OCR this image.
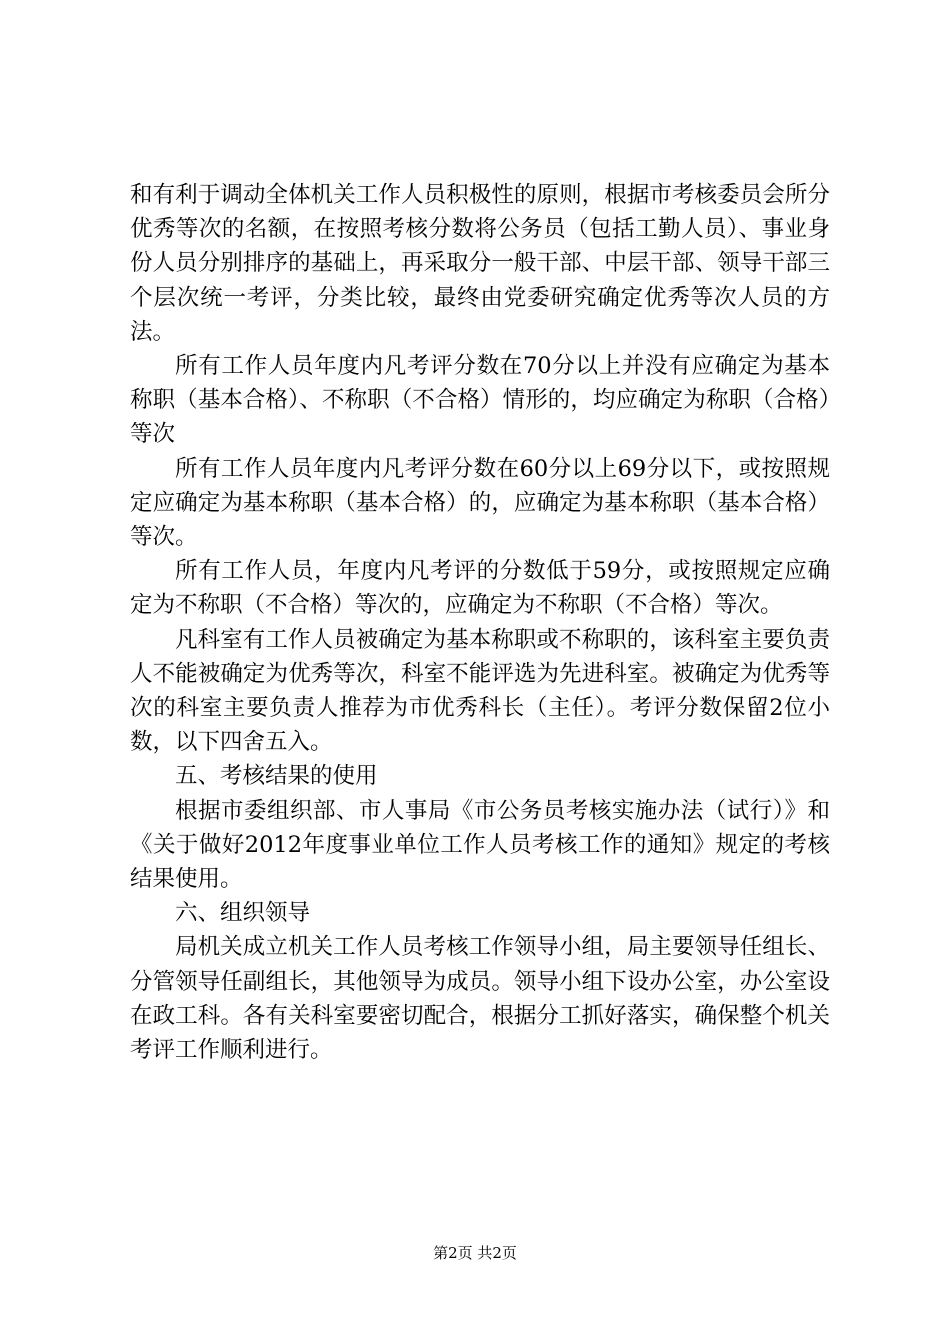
和有利于调动全体机关工作人员积极性的原则，根据市考核委员会所分优秀等次的名额，在按照考核分数将公务员（包括工勤人员）、事业身份人员分别排序的基础上，再采取分一般干部、中层干部、领导干部三个层次统一考评，分类比较，最终由党委研究确定优秀等次人员的方法。

所有工作人员年度内凡考评分数在70分以上并没有应确定为基本称职（基本合格）、不称职（不合格）情形的，均应确定为称职（合格）等次

所有工作人员年度内凡考评分数在60分以上69分以下，或按照规定应确定为基本称职（基本合格）的，应确定为基本称职（基本合格）等次。

所有工作人员，年度内凡考评的分数低于59分，或按照规定应确定为不称职（不合格）等次的，应确定为不称职（不合格）等次。

凡科室有工作人员被确定为基本称职或不称职的，该科室主要负责人不能被确定为优秀等次，科室不能评选为先进科室。被确定为优秀等次的科室主要负责人推荐为市优秀科长（主任）。考评分数保留2位小数，以下四舍五入。

五、考核结果的使用

根据市委组织部、市人事局《市公务员考核实施办法（试行）》和《关于做好2012年度事业单位工作人员考核工作的通知》规定的考核结果使用。

六、组织领导

局机关成立机关工作人员考核工作领导小组，局主要领导任组长、分管领导任副组长，其他领导为成员。领导小组下设办公室，办公室设在政工科。各有关科室要密切配合，根据分工抓好落实，确保整个机关考评工作顺利进行。

第2页 共2页
